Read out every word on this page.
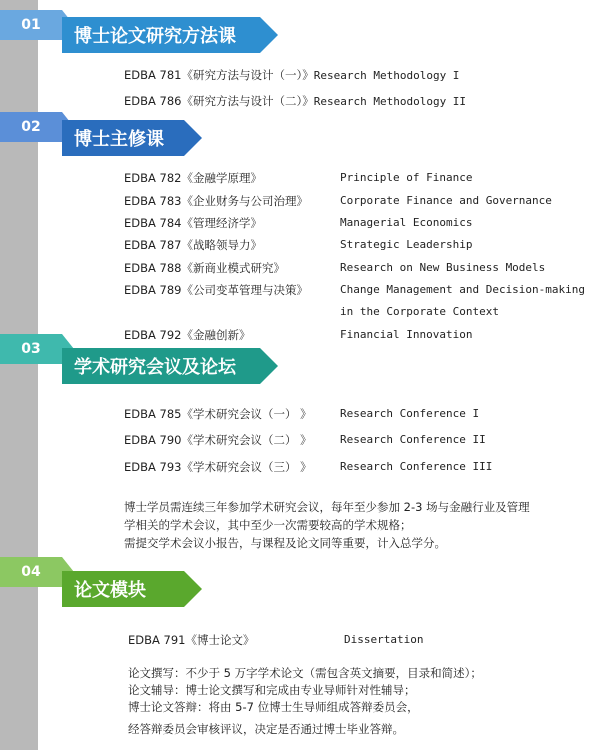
01
博士论文研究方法课
EDBA 781《研究方法与设计（一）》Research Methodology I
EDBA 786《研究方法与设计（二）》Research Methodology II
02
博士主修课
EDBA 782《金融学原理》	Principle of Finance
EDBA 783《企业财务与公司治理》	Corporate Finance and Governance
EDBA 784《管理经济学》	Managerial Economics
EDBA 787《战略领导力》	Strategic Leadership
EDBA 788《新商业模式研究》	Research on New Business Models
EDBA 789《公司变革管理与决策》	Change Management and Decision-making
in the Corporate Context
EDBA 792《金融创新》	Financial Innovation
03
学术研究会议及论坛
EDBA 785《学术研究会议（一） 》	Research Conference I
EDBA 790《学术研究会议（二） 》	Research Conference II
EDBA 793《学术研究会议（三） 》	Research Conference III
博士学员需连续三年参加学术研究会议，每年至少参加 2-3 场与金融行业及管理
学相关的学术会议，其中至少一次需要较高的学术规格；
需提交学术会议小报告，与课程及论文同等重要，计入总学分。
04
论文模块
EDBA 791《博士论文》	Dissertation
论文撰写：不少于 5 万字学术论文（需包含英文摘要，目录和简述）；
论文辅导：博士论文撰写和完成由专业导师针对性辅导；
博士论文答辩：将由 5-7 位博士生导师组成答辩委员会，
经答辩委员会审核评议，决定是否通过博士毕业答辩。
